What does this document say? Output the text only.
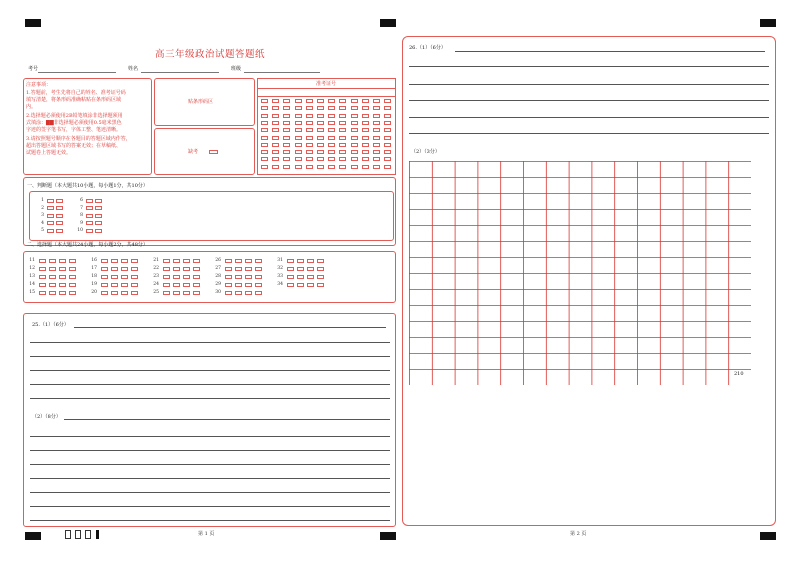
高三年级政治试题答题纸
考号	姓名	班级
注意事项：
1.答题前，考生先将自己的姓名、准考证号码
填写清楚，将条形码准确粘贴在条形码区域
内。
2.选择题必须使用2B铅笔填涂非选择题须用
式填涂：▇▇非选择题必须使用0.5毫米黑色
字迹的签字笔书写，字体工整、笔迹清晰。
3.请按照题号顺序在各题目的答题区域内作答，
超出答题区域书写的答案无效；在草稿纸、
试题卷上答题无效。
贴条形码区
缺考
准考证号
一、判断题（本大题共10小题，每小题1分，共10分）
1
2
3
4
5
6
7
8
9
10
二、选择题（本大题共24小题，每小题2分，共48分）
11
12
13
14
15
16
17
18
19
20
21
22
23
24
25
26
27
28
29
30
31
32
33
34
25.（1）（6分）
（2）（8分）
第 1 页
26.（1）（6分）
（2）（3分）
210
第 2 页
